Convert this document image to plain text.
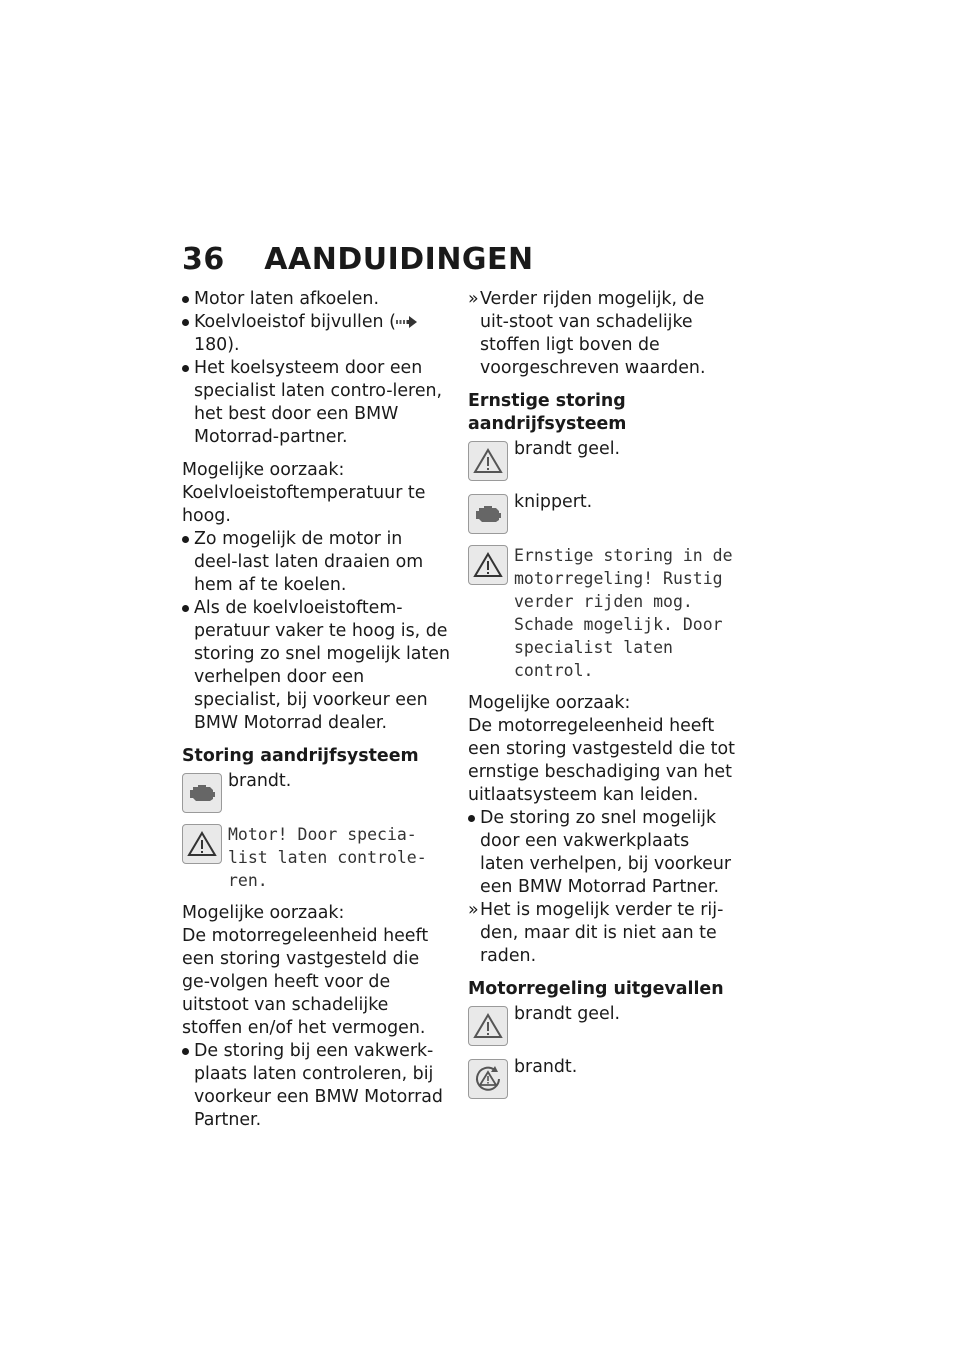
36 AANDUIDINGEN

Motor laten afkoelen.

Koelvloeistof bijvullen (
180).

Het koelsysteem door een specialist laten contro-leren, het best door een BMW Motorrad-partner.

Mogelijke oorzaak:

Koelvloeistoftemperatuur te hoog.

Zo mogelijk de motor in deel-last laten draaien om hem af te koelen.

Als de koelvloeistoftem-peratuur vaker te hoog is, de storing zo snel mogelijk laten verhelpen door een specialist, bij voorkeur een BMW Motorrad dealer.

Storing aandrijfsysteem

brandt.
Motor! Door specia-list laten controle-ren.

Mogelijke oorzaak:

De motorregeleenheid heeft een storing vastgesteld die ge-volgen heeft voor de uitstoot van schadelijke stoffen en/of het vermogen.

De storing bij een vakwerk-plaats laten controleren, bij voorkeur een BMW Motorrad Partner.

» Verder rijden mogelijk, de uit-stoot van schadelijke stoffen ligt boven de voorgeschreven waarden.

Ernstige storing aandrijfsysteem

brandt geel.
knippert.
Ernstige storing in de motorregeling! Rustig verder rijden mog. Schade mogelijk. Door specialist laten control.

Mogelijke oorzaak:

De motorregeleenheid heeft een storing vastgesteld die tot ernstige beschadiging van het uitlaatsysteem kan leiden.

De storing zo snel mogelijk door een vakwerkplaats laten verhelpen, bij voorkeur een BMW Motorrad Partner.

» Het is mogelijk verder te rij-den, maar dit is niet aan te raden.

Motorregeling uitgevallen

brandt geel.
brandt.
